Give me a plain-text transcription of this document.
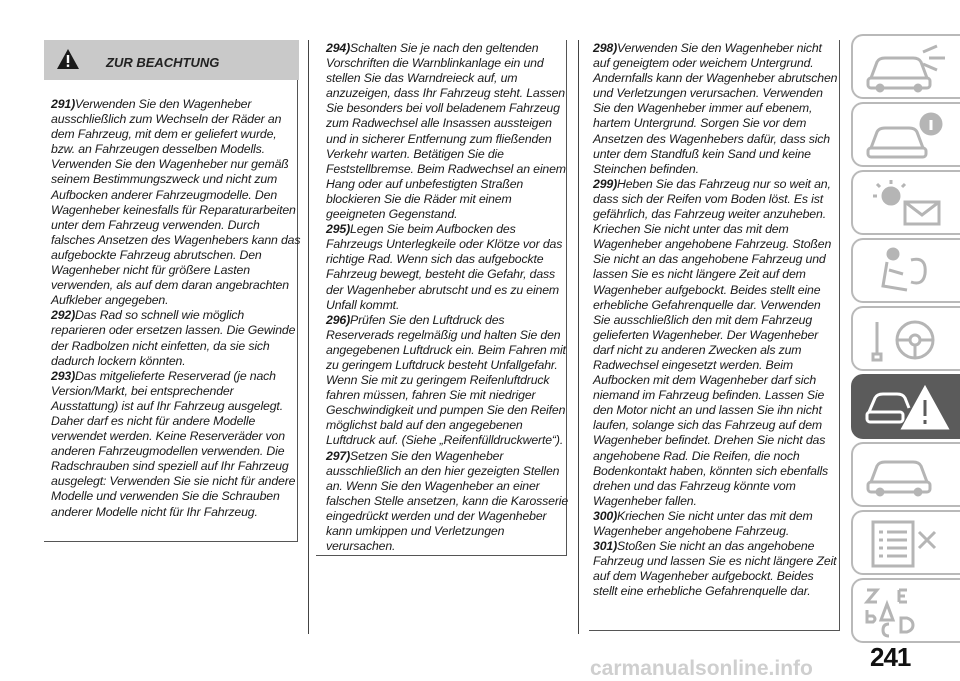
ZUR BEACHTUNG

291)Verwenden Sie den Wagenheber ausschließlich zum Wechseln der Räder an dem Fahrzeug, mit dem er geliefert wurde, bzw. an Fahrzeugen desselben Modells. Verwenden Sie den Wagenheber nur gemäß seinem Bestimmungszweck und nicht zum Aufbocken anderer Fahrzeugmodelle. Den Wagenheber keinesfalls für Reparaturarbeiten unter dem Fahrzeug verwenden. Durch falsches Ansetzen des Wagenhebers kann das aufgebockte Fahrzeug abrutschen. Den Wagenheber nicht für größere Lasten verwenden, als auf dem daran angebrachten Aufkleber angegeben.

292)Das Rad so schnell wie möglich reparieren oder ersetzen lassen. Die Gewinde der Radbolzen nicht einfetten, da sie sich dadurch lockern könnten.

293)Das mitgelieferte Reserverad (je nach Version/Markt, bei entsprechender Ausstattung) ist auf Ihr Fahrzeug ausgelegt. Daher darf es nicht für andere Modelle verwendet werden. Keine Reserveräder von anderen Fahrzeugmodellen verwenden. Die Radschrauben sind speziell auf Ihr Fahrzeug ausgelegt: Verwenden Sie sie nicht für andere Modelle und verwenden Sie die Schrauben anderer Modelle nicht für Ihr Fahrzeug.

294)Schalten Sie je nach den geltenden Vorschriften die Warnblinkanlage ein und stellen Sie das Warndreieck auf, um anzuzeigen, dass Ihr Fahrzeug steht. Lassen Sie besonders bei voll beladenem Fahrzeug zum Radwechsel alle Insassen aussteigen und in sicherer Entfernung zum fließenden Verkehr warten. Betätigen Sie die Feststellbremse. Beim Radwechsel an einem Hang oder auf unbefestigten Straßen blockieren Sie die Räder mit einem geeigneten Gegenstand.

295)Legen Sie beim Aufbocken des Fahrzeugs Unterlegkeile oder Klötze vor das richtige Rad. Wenn sich das aufgebockte Fahrzeug bewegt, besteht die Gefahr, dass der Wagenheber abrutscht und es zu einem Unfall kommt.

296)Prüfen Sie den Luftdruck des Reserverads regelmäßig und halten Sie den angegebenen Luftdruck ein. Beim Fahren mit zu geringem Luftdruck besteht Unfallgefahr. Wenn Sie mit zu geringem Reifenluftdruck fahren müssen, fahren Sie mit niedriger Geschwindigkeit und pumpen Sie den Reifen möglichst bald auf den angegebenen Luftdruck auf. (Siehe „Reifenfülldruckwerte“).

297)Setzen Sie den Wagenheber ausschließlich an den hier gezeigten Stellen an. Wenn Sie den Wagenheber an einer falschen Stelle ansetzen, kann die Karosserie eingedrückt werden und der Wagenheber kann umkippen und Verletzungen verursachen.

298)Verwenden Sie den Wagenheber nicht auf geneigtem oder weichem Untergrund. Andernfalls kann der Wagenheber abrutschen und Verletzungen verursachen. Verwenden Sie den Wagenheber immer auf ebenem, hartem Untergrund. Sorgen Sie vor dem Ansetzen des Wagenhebers dafür, dass sich unter dem Standfuß kein Sand und keine Steinchen befinden.

299)Heben Sie das Fahrzeug nur so weit an, dass sich der Reifen vom Boden löst. Es ist gefährlich, das Fahrzeug weiter anzuheben. Kriechen Sie nicht unter das mit dem Wagenheber angehobene Fahrzeug. Stoßen Sie nicht an das angehobene Fahrzeug und lassen Sie es nicht längere Zeit auf dem Wagenheber aufgebockt. Beides stellt eine erhebliche Gefahrenquelle dar. Verwenden Sie ausschließlich den mit dem Fahrzeug gelieferten Wagenheber. Der Wagenheber darf nicht zu anderen Zwecken als zum Radwechsel eingesetzt werden. Beim Aufbocken mit dem Wagenheber darf sich niemand im Fahrzeug befinden. Lassen Sie den Motor nicht an und lassen Sie ihn nicht laufen, solange sich das Fahrzeug auf dem Wagenheber befindet. Drehen Sie nicht das angehobene Rad. Die Reifen, die noch Bodenkontakt haben, könnten sich ebenfalls drehen und das Fahrzeug könnte vom Wagenheber fallen.

300)Kriechen Sie nicht unter das mit dem Wagenheber angehobene Fahrzeug.

301)Stoßen Sie nicht an das angehobene Fahrzeug und lassen Sie es nicht längere Zeit auf dem Wagenheber aufgebockt. Beides stellt eine erhebliche Gefahrenquelle dar.

241
carmanualsonline.info
